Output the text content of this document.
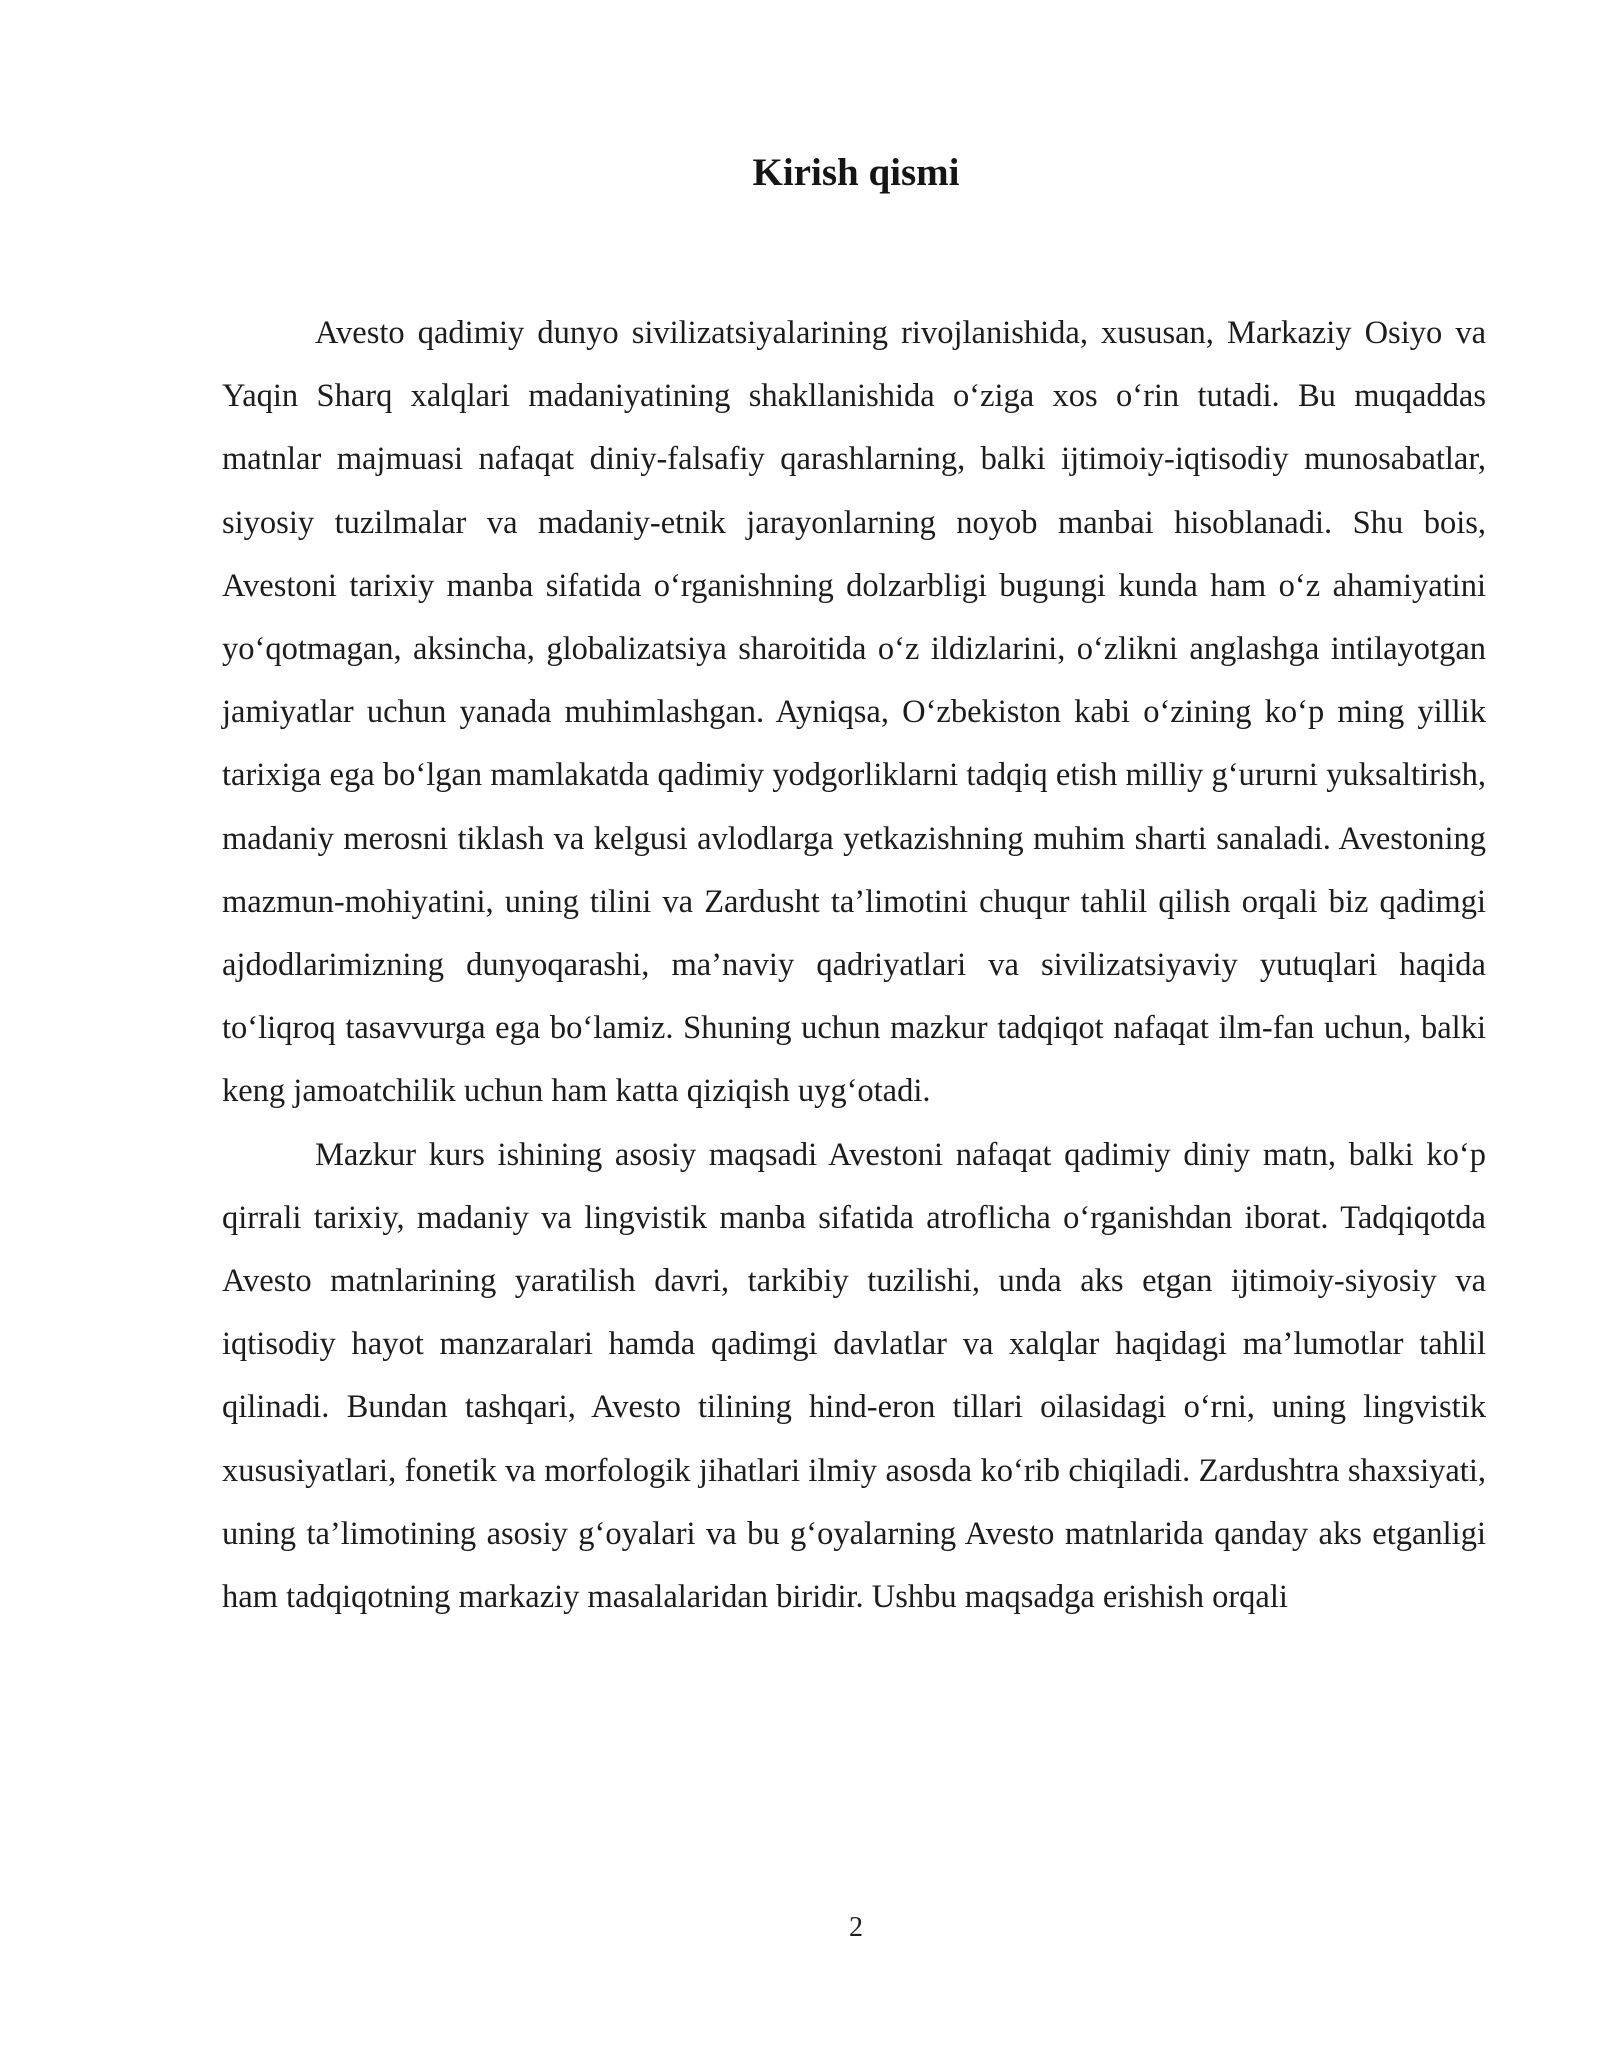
Kirish qismi

Avesto qadimiy dunyo sivilizatsiyalarining rivojlanishida, xususan, Markaziy Osiyo va Yaqin Sharq xalqlari madaniyatining shakllanishida o‘ziga xos o‘rin tutadi. Bu muqaddas matnlar majmuasi nafaqat diniy-falsafiy qarashlarning, balki ijtimoiy-iqtisodiy munosabatlar, siyosiy tuzilmalar va madaniy-etnik jarayonlarning noyob manbai hisoblanadi. Shu bois, Avestoni tarixiy manba sifatida o‘rganishning dolzarbligi bugungi kunda ham o‘z ahamiyatini yo‘qotmagan, aksincha, globalizatsiya sharoitida o‘z ildizlarini, o‘zlikni anglashga intilayotgan jamiyatlar uchun yanada muhimlashgan. Ayniqsa, O‘zbekiston kabi o‘zining ko‘p ming yillik tarixiga ega bo‘lgan mamlakatda qadimiy yodgorliklarni tadqiq etish milliy g‘ururni yuksaltirish, madaniy merosni tiklash va kelgusi avlodlarga yetkazishning muhim sharti sanaladi. Avestoning mazmun-mohiyatini, uning tilini va Zardusht ta’limotini chuqur tahlil qilish orqali biz qadimgi ajdodlarimizning dunyoqarashi, ma’naviy qadriyatlari va sivilizatsiyaviy yutuqlari haqida to‘liqroq tasavvurga ega bo‘lamiz. Shuning uchun mazkur tadqiqot nafaqat ilm-fan uchun, balki keng jamoatchilik uchun ham katta qiziqish uyg‘otadi.

Mazkur kurs ishining asosiy maqsadi Avestoni nafaqat qadimiy diniy matn, balki ko‘p qirrali tarixiy, madaniy va lingvistik manba sifatida atroflicha o‘rganishdan iborat. Tadqiqotda Avesto matnlarining yaratilish davri, tarkibiy tuzilishi, unda aks etgan ijtimoiy-siyosiy va iqtisodiy hayot manzaralari hamda qadimgi davlatlar va xalqlar haqidagi ma’lumotlar tahlil qilinadi. Bundan tashqari, Avesto tilining hind-eron tillari oilasidagi o‘rni, uning lingvistik xususiyatlari, fonetik va morfologik jihatlari ilmiy asosda ko‘rib chiqiladi. Zardushtra shaxsiyati, uning ta’limotining asosiy g‘oyalari va bu g‘oyalarning Avesto matnlarida qanday aks etganligi ham tadqiqotning markaziy masalalaridan biridir. Ushbu maqsadga erishish orqali

2
